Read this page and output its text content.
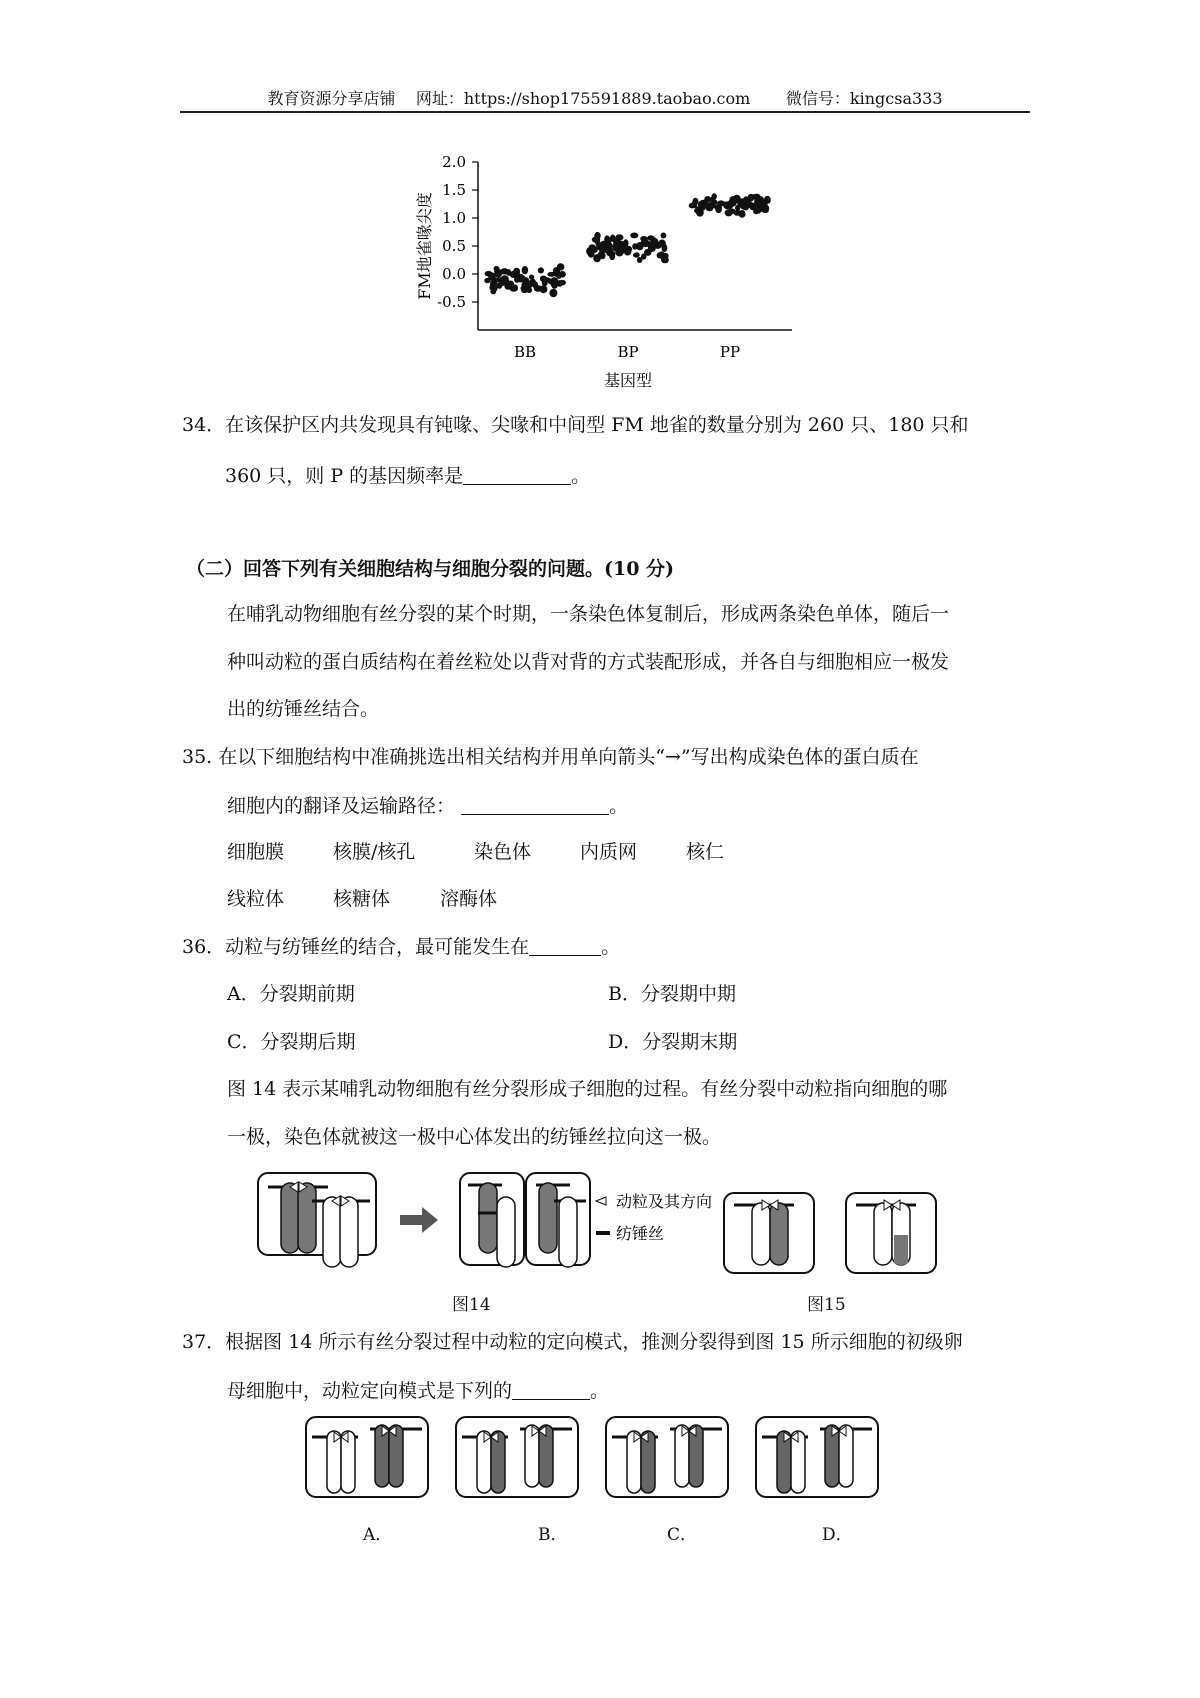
教育资源分享店铺 网址：https://shop175591889.taobao.com 微信号：kingcsa333
2.0
1.5
1.0
0.5
0.0
-0.5
BB	BP	PP
FM地雀喙尖度
基因型
34．在该保护区内共发现具有钝喙、尖喙和中间型 FM 地雀的数量分别为 260 只、180 只和
360 只，则 P 的基因频率是	。
（二）回答下列有关细胞结构与细胞分裂的问题。(10 分)
在哺乳动物细胞有丝分裂的某个时期，一条染色体复制后，形成两条染色单体，随后一
种叫动粒的蛋白质结构在着丝粒处以背对背的方式装配形成，并各自与细胞相应一极发
出的纺锤丝结合。
35. 在以下细胞结构中准确挑选出相关结构并用单向箭头“→”写出构成染色体的蛋白质在
细胞内的翻译及运输路径：	。
细胞膜	核膜/核孔	染色体	内质网	核仁
线粒体	核糖体	溶酶体
36．动粒与纺锤丝的结合，最可能发生在	。
A．分裂期前期	B．分裂期中期
C．分裂期后期	D．分裂期末期
图 14 表示某哺乳动物细胞有丝分裂形成子细胞的过程。有丝分裂中动粒指向细胞的哪
一极，染色体就被这一极中心体发出的纺锤丝拉向这一极。
动粒及其方向
纺锤丝
图14	图15
37．根据图 14 所示有丝分裂过程中动粒的定向模式，推测分裂得到图 15 所示细胞的初级卵
母细胞中，动粒定向模式是下列的	。
A．	B．	C．	D．
